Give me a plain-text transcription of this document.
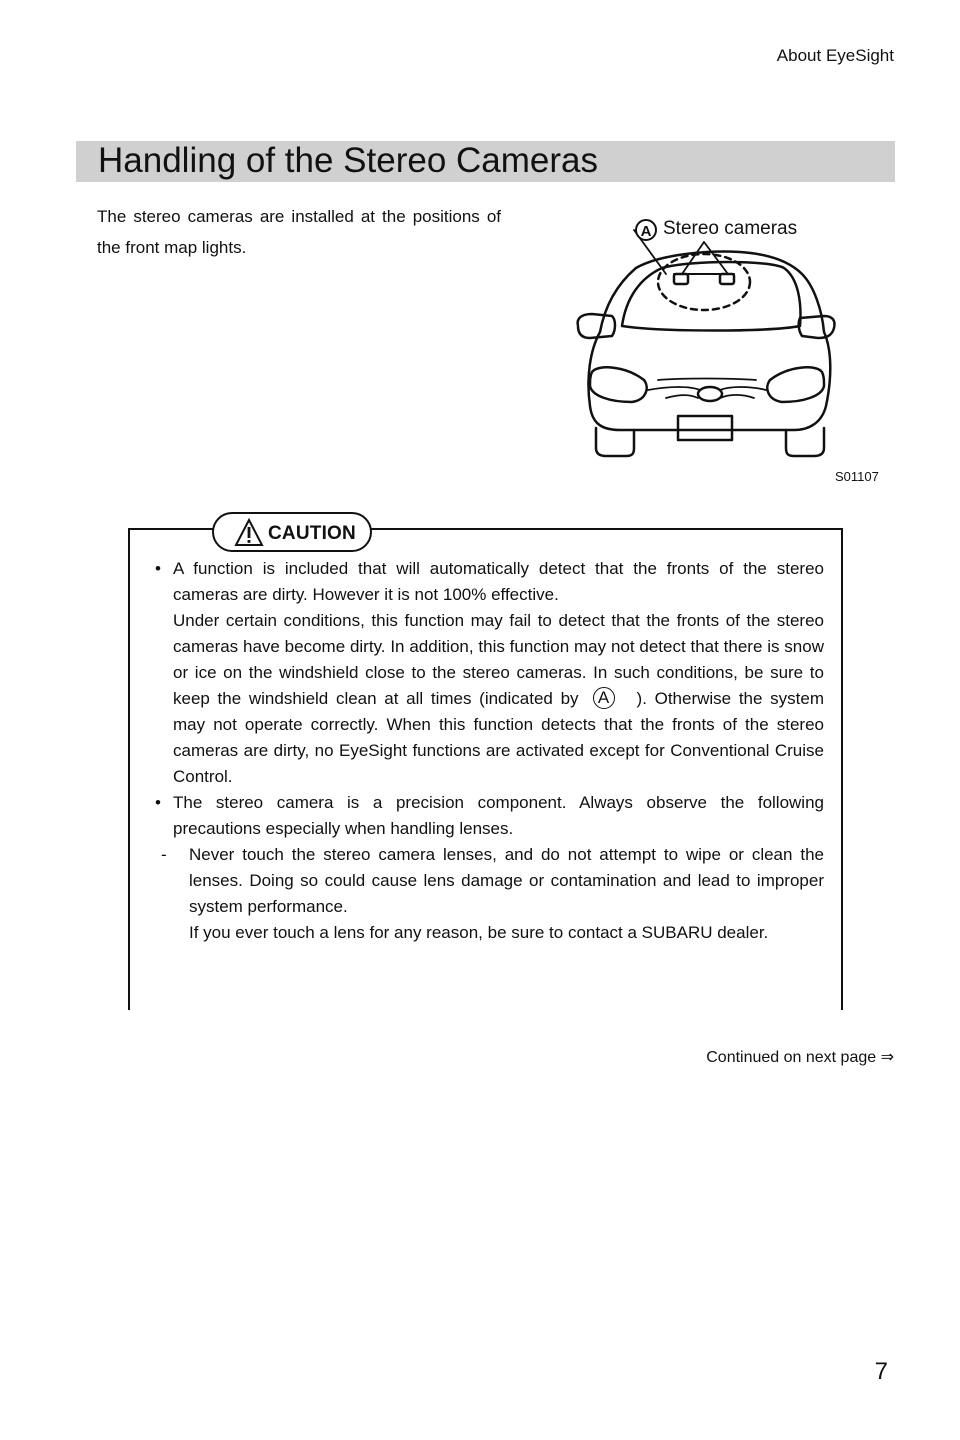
About EyeSight
Handling of the Stereo Cameras
The stereo cameras are installed at the positions of the front map lights.
A Stereo cameras
S01107
CAUTION
• A function is included that will automatically detect that the fronts of the stereo cameras are dirty. However it is not 100% effective.
Under certain conditions, this function may fail to detect that the fronts of the stereo cameras have become dirty. In addition, this function may not detect that there is snow or ice on the windshield close to the stereo cameras. In such conditions, be sure to keep the windshield clean at all times (indicated by A ). Otherwise the system may not operate correctly. When this function detects that the fronts of the stereo cameras are dirty, no EyeSight functions are activated except for Conventional Cruise Control.
• The stereo camera is a precision component. Always observe the following precautions especially when handling lenses.
- Never touch the stereo camera lenses, and do not attempt to wipe or clean the lenses. Doing so could cause lens damage or contamination and lead to improper system performance.
If you ever touch a lens for any reason, be sure to contact a SUBARU dealer.
Continued on next page ⇒
7
